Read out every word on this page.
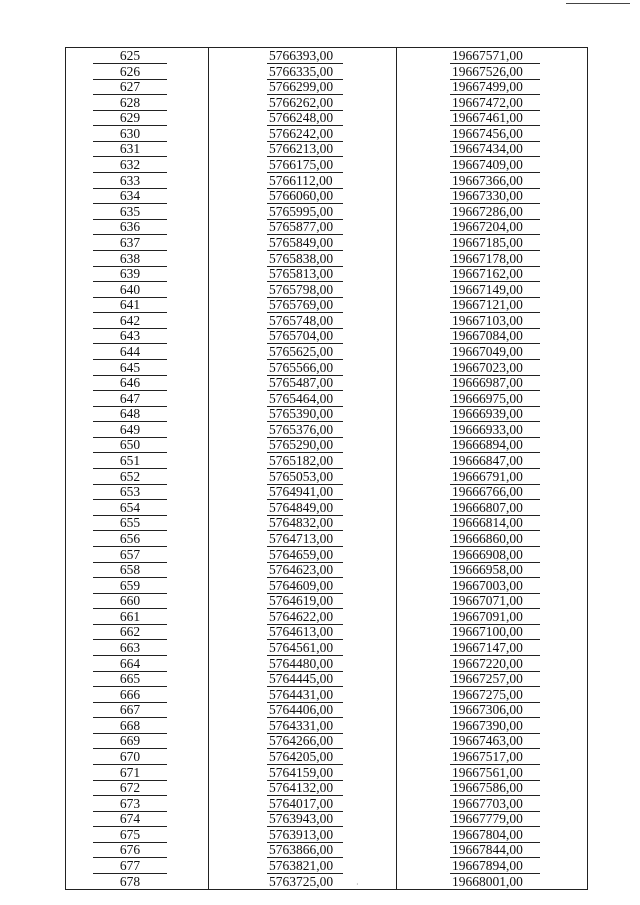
625	5766393,00	19667571,00
626	5766335,00	19667526,00
627	5766299,00	19667499,00
628	5766262,00	19667472,00
629	5766248,00	19667461,00
630	5766242,00	19667456,00
631	5766213,00	19667434,00
632	5766175,00	19667409,00
633	5766112,00	19667366,00
634	5766060,00	19667330,00
635	5765995,00	19667286,00
636	5765877,00	19667204,00
637	5765849,00	19667185,00
638	5765838,00	19667178,00
639	5765813,00	19667162,00
640	5765798,00	19667149,00
641	5765769,00	19667121,00
642	5765748,00	19667103,00
643	5765704,00	19667084,00
644	5765625,00	19667049,00
645	5765566,00	19667023,00
646	5765487,00	19666987,00
647	5765464,00	19666975,00
648	5765390,00	19666939,00
649	5765376,00	19666933,00
650	5765290,00	19666894,00
651	5765182,00	19666847,00
652	5765053,00	19666791,00
653	5764941,00	19666766,00
654	5764849,00	19666807,00
655	5764832,00	19666814,00
656	5764713,00	19666860,00
657	5764659,00	19666908,00
658	5764623,00	19666958,00
659	5764609,00	19667003,00
660	5764619,00	19667071,00
661	5764622,00	19667091,00
662	5764613,00	19667100,00
663	5764561,00	19667147,00
664	5764480,00	19667220,00
665	5764445,00	19667257,00
666	5764431,00	19667275,00
667	5764406,00	19667306,00
668	5764331,00	19667390,00
669	5764266,00	19667463,00
670	5764205,00	19667517,00
671	5764159,00	19667561,00
672	5764132,00	19667586,00
673	5764017,00	19667703,00
674	5763943,00	19667779,00
675	5763913,00	19667804,00
676	5763866,00	19667844,00
677	5763821,00	19667894,00
678	5763725,00	19668001,00
·
